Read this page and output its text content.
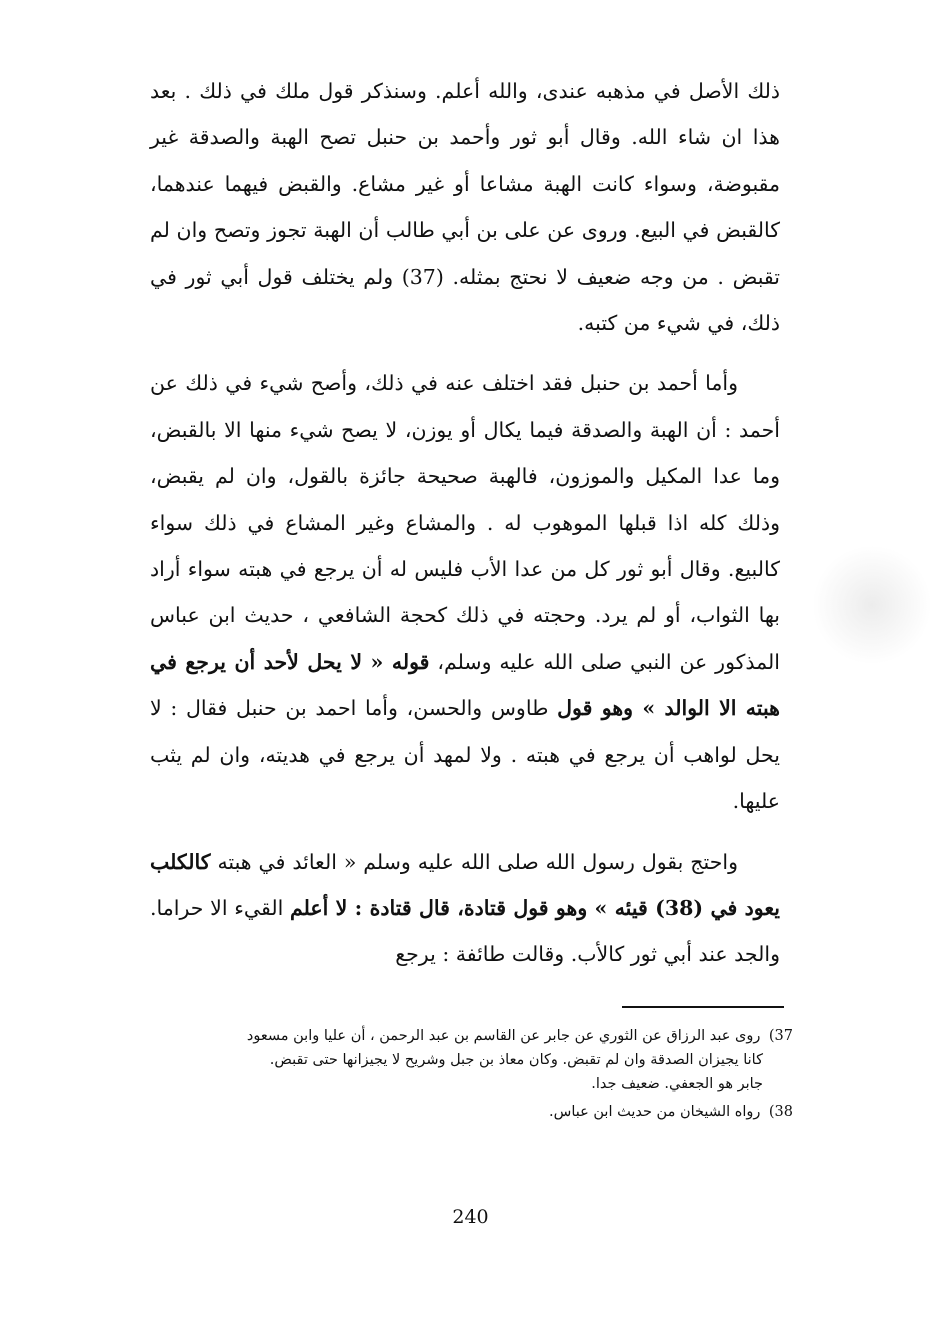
ذلك الأصل في مذهبه عندى، والله أعلم. وسنذكر قول ملك في ذلك . بعد هذا ان شاء الله. وقال أبو ثور وأحمد بن حنبل تصح الهبة والصدقة غير مقبوضة، وسواء كانت الهبة مشاعا أو غير مشاع. والقبض فيهما عندهما، كالقبض في البيع. وروى عن على بن أبي طالب أن الهبة تجوز وتصح وان لم تقبض . من وجه ضعيف لا نحتج بمثله. (37) ولم يختلف قول أبي ثور في ذلك، في شيء من كتبه.

وأما أحمد بن حنبل فقد اختلف عنه في ذلك، وأصح شيء في ذلك عن أحمد : أن الهبة والصدقة فيما يكال أو يوزن، لا يصح شيء منها الا بالقبض، وما عدا المكيل والموزون، فالهبة صحيحة جائزة بالقول، وان لم يقبض، وذلك كله اذا قبلها الموهوب له . والمشاع وغير المشاع في ذلك سواء كالبيع. وقال أبو ثور كل من عدا الأب فليس له أن يرجع في هبته سواء أراد بها الثواب، أو لم يرد. وحجته في ذلك كحجة الشافعي ، حديث ابن عباس المذكور عن النبي صلى الله عليه وسلم، قوله « لا يحل لأحد أن يرجع في هبته الا الوالد » وهو قول طاوس والحسن، وأما احمد بن حنبل فقال : لا يحل لواهب أن يرجع في هبته . ولا لمهد أن يرجع في هديته، وان لم يثب عليها.

واحتج بقول رسول الله صلى الله عليه وسلم « العائد في هبته كالكلب يعود في (38) قيئه » وهو قول قتادة، قال قتادة : لا أعلم القيء الا حراما. والجد عند أبي ثور كالأب. وقالت طائفة : يرجع

37) روى عبد الرزاق عن الثوري عن جابر عن القاسم بن عبد الرحمن ، أن عليا وابن مسعود
كانا يجيزان الصدقة وان لم تقبض. وكان معاذ بن جبل وشريح لا يجيزانها حتى تقبض.
جابر هو الجعفي. ضعيف جدا.
38) رواه الشيخان من حديث ابن عباس.
240
